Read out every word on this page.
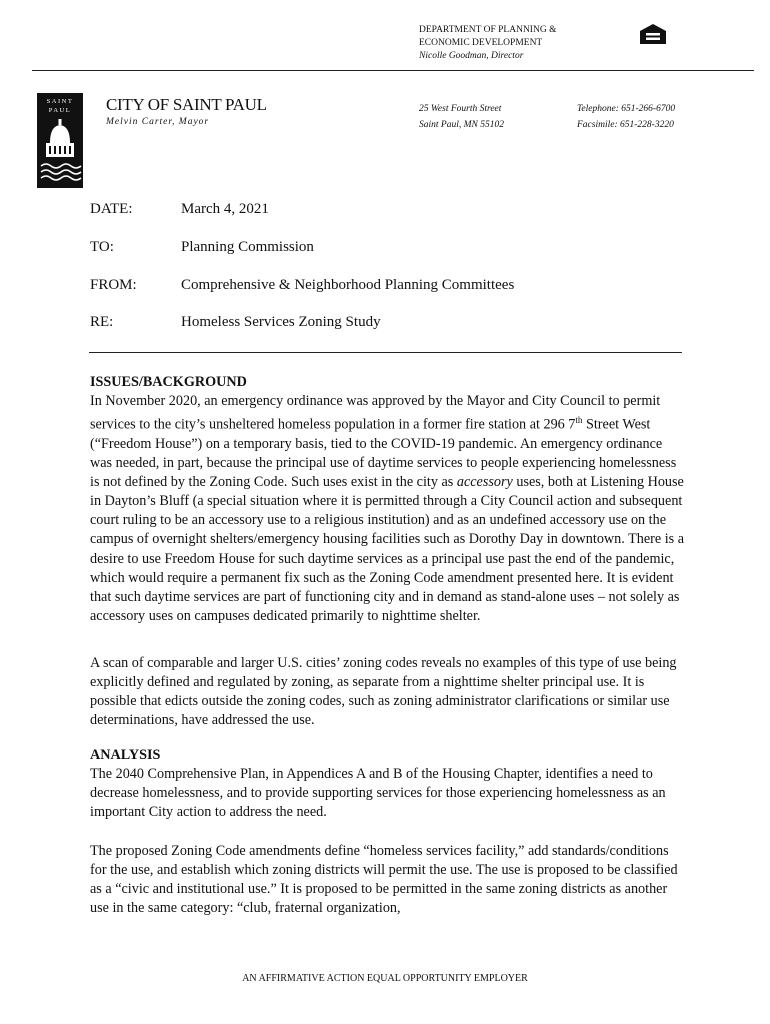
DEPARTMENT OF PLANNING &
ECONOMIC DEVELOPMENT
Nicolle Goodman, Director
SAINT
PAUL	CITY OF SAINT PAUL
Melvin Carter, Mayor
25 West Fourth Street
Saint Paul, MN 55102
Telephone: 651-266-6700
Facsimile: 651-228-3220
DATE:	March 4, 2021
TO:	Planning Commission
FROM:	Comprehensive & Neighborhood Planning Committees
RE:	Homeless Services Zoning Study

ISSUES/BACKGROUND

In November 2020, an emergency ordinance was approved by the Mayor and City Council to permit services to the city’s unsheltered homeless population in a former fire station at 296 7th Street West (“Freedom House”) on a temporary basis, tied to the COVID-19 pandemic. An emergency ordinance was needed, in part, because the principal use of daytime services to people experiencing homelessness is not defined by the Zoning Code. Such uses exist in the city as accessory uses, both at Listening House in Dayton’s Bluff (a special situation where it is permitted through a City Council action and subsequent court ruling to be an accessory use to a religious institution) and as an undefined accessory use on the campus of overnight shelters/emergency housing facilities such as Dorothy Day in downtown. There is a desire to use Freedom House for such daytime services as a principal use past the end of the pandemic, which would require a permanent fix such as the Zoning Code amendment presented here. It is evident that such daytime services are part of functioning city and in demand as stand-alone uses – not solely as accessory uses on campuses dedicated primarily to nighttime shelter.

A scan of comparable and larger U.S. cities’ zoning codes reveals no examples of this type of use being explicitly defined and regulated by zoning, as separate from a nighttime shelter principal use. It is possible that edicts outside the zoning codes, such as zoning administrator clarifications or similar use determinations, have addressed the use.

ANALYSIS

The 2040 Comprehensive Plan, in Appendices A and B of the Housing Chapter, identifies a need to decrease homelessness, and to provide supporting services for those experiencing homelessness as an important City action to address the need.

The proposed Zoning Code amendments define “homeless services facility,” add standards/conditions for the use, and establish which zoning districts will permit the use. The use is proposed to be classified as a “civic and institutional use.” It is proposed to be permitted in the same zoning districts as another use in the same category: “club, fraternal organization,

AN AFFIRMATIVE ACTION EQUAL OPPORTUNITY EMPLOYER
